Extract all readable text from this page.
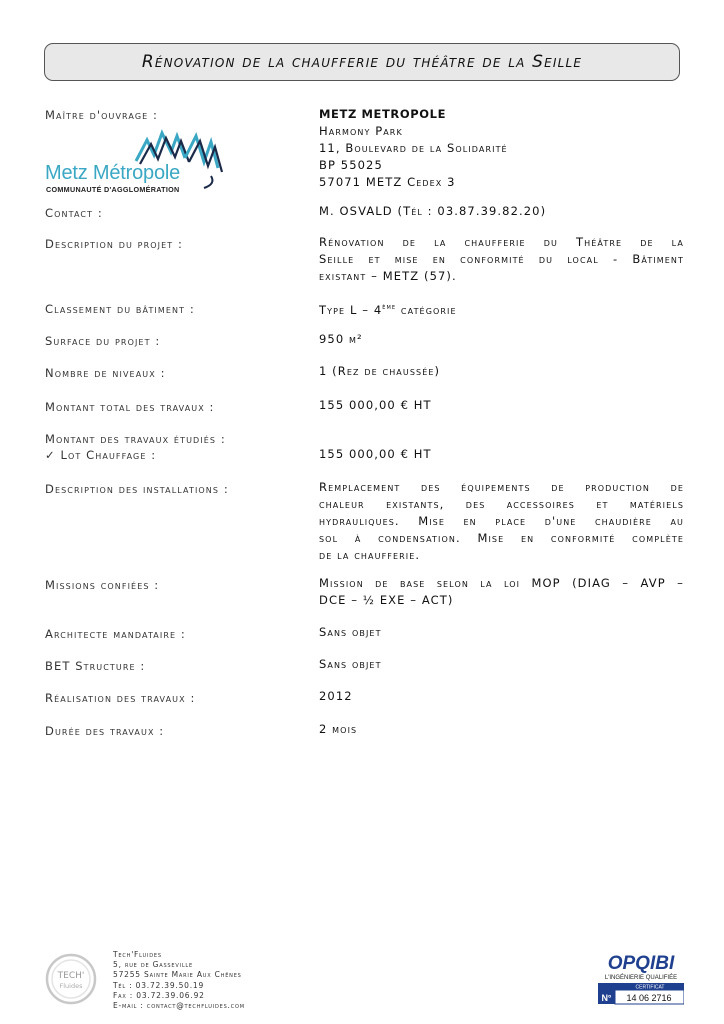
Rénovation de la chaufferie du théâtre de la Seille
Maître d'ouvrage :	METZ METROPOLE
Harmony Park
11, Boulevard de la Solidarité
BP 55025
57071 METZ Cedex 3
Metz Métropole
COMMUNAUTÉ D'AGGLOMÉRATION
Contact :	M. OSVALD (Tél : 03.87.39.82.20)
Description du projet :	Rénovation de la chaufferie du Théâtre de la
Seille et mise en conformité du local - Bâtiment
existant – METZ (57).
Classement du bâtiment :	Type L – 4ème catégorie
Surface du projet :	950 m²
Nombre de niveaux :	1 (Rez de chaussée)
Montant total des travaux :	155 000,00 € HT
Montant des travaux étudiés :
✓ Lot Chauffage :	155 000,00 € HT
Description des installations :	Remplacement des équipements de production de
chaleur existants, des accessoires et matériels
hydrauliques. Mise en place d'une chaudière au
sol à condensation. Mise en conformité complète
de la chaufferie.
Missions confiées :	Mission de base selon la loi MOP (DIAG – AVP –
DCE – ½ EXE – ACT)
Architecte mandataire :	Sans objet
BET Structure :	Sans objet
Réalisation des travaux :	2012
Durée des travaux :	2 mois
TECH'
Fluides
Tech'Fluides
5, rue de Gasseville
57255 Sainte Marie Aux Chênes
Tél : 03.72.39.50.19
Fax : 03.72.39.06.92
E-mail : contact@techfluides.com
OPQIBI
L'INGÉNIERIE QUALIFIÉE
CERTIFICAT
N° 14 06 2716
